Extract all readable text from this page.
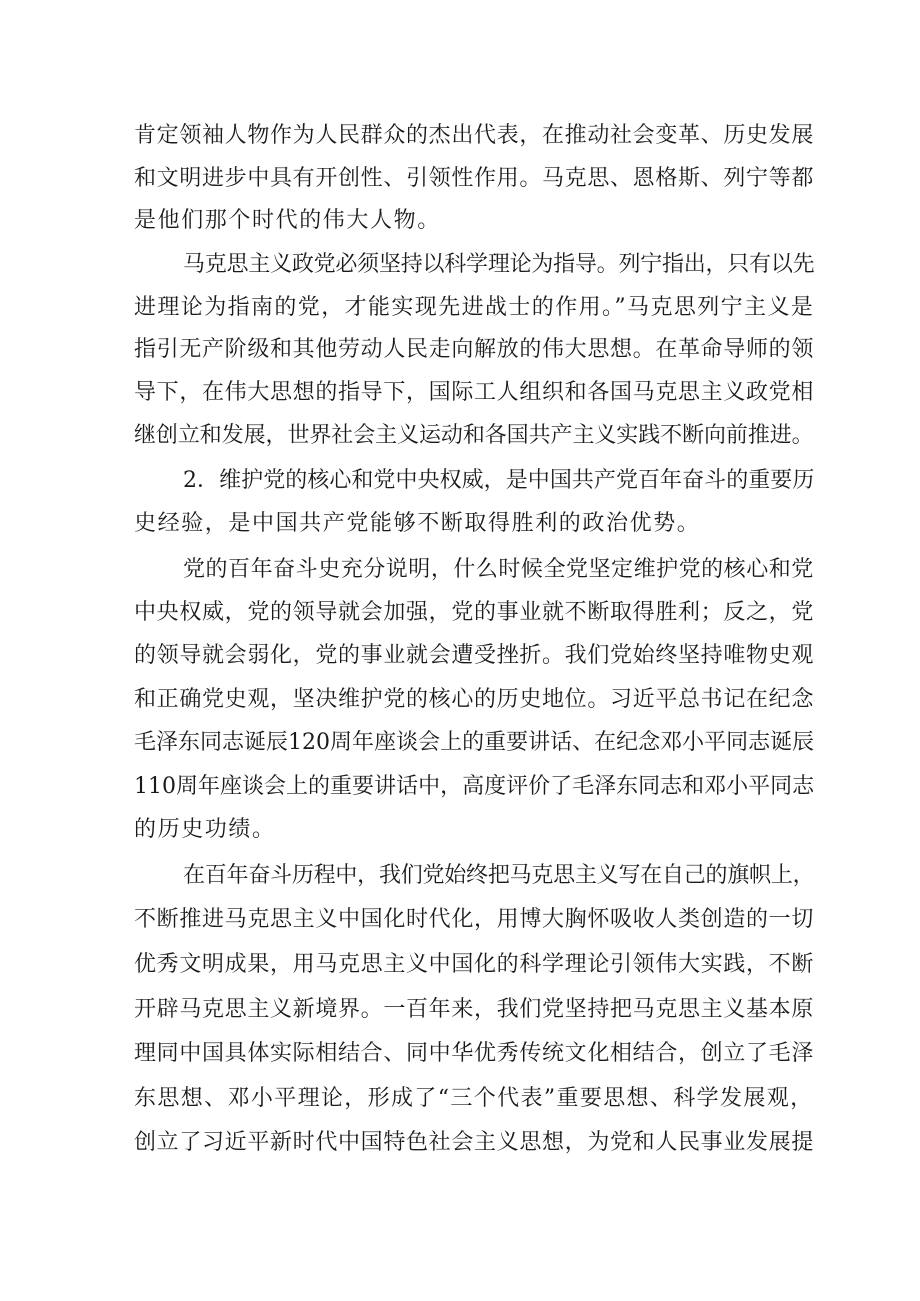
肯定领袖人物作为人民群众的杰出代表，在推动社会变革、历史发展
和文明进步中具有开创性、引领性作用。马克思、恩格斯、列宁等都
是他们那个时代的伟大人物。
马克思主义政党必须坚持以科学理论为指导。列宁指出，只有以先
进理论为指南的党，才能实现先进战士的作用。”马克思列宁主义是
指引无产阶级和其他劳动人民走向解放的伟大思想。在革命导师的领
导下，在伟大思想的指导下，国际工人组织和各国马克思主义政党相
继创立和发展，世界社会主义运动和各国共产主义实践不断向前推进。
2．维护党的核心和党中央权威，是中国共产党百年奋斗的重要历
史经验，是中国共产党能够不断取得胜利的政治优势。
党的百年奋斗史充分说明，什么时候全党坚定维护党的核心和党
中央权威，党的领导就会加强，党的事业就不断取得胜利；反之，党
的领导就会弱化，党的事业就会遭受挫折。我们党始终坚持唯物史观
和正确党史观，坚决维护党的核心的历史地位。习近平总书记在纪念
毛泽东同志诞辰120周年座谈会上的重要讲话、在纪念邓小平同志诞辰
110周年座谈会上的重要讲话中，高度评价了毛泽东同志和邓小平同志
的历史功绩。
在百年奋斗历程中，我们党始终把马克思主义写在自己的旗帜上，
不断推进马克思主义中国化时代化，用博大胸怀吸收人类创造的一切
优秀文明成果，用马克思主义中国化的科学理论引领伟大实践，不断
开辟马克思主义新境界。一百年来，我们党坚持把马克思主义基本原
理同中国具体实际相结合、同中华优秀传统文化相结合，创立了毛泽
东思想、邓小平理论，形成了“三个代表”重要思想、科学发展观，
创立了习近平新时代中国特色社会主义思想，为党和人民事业发展提
